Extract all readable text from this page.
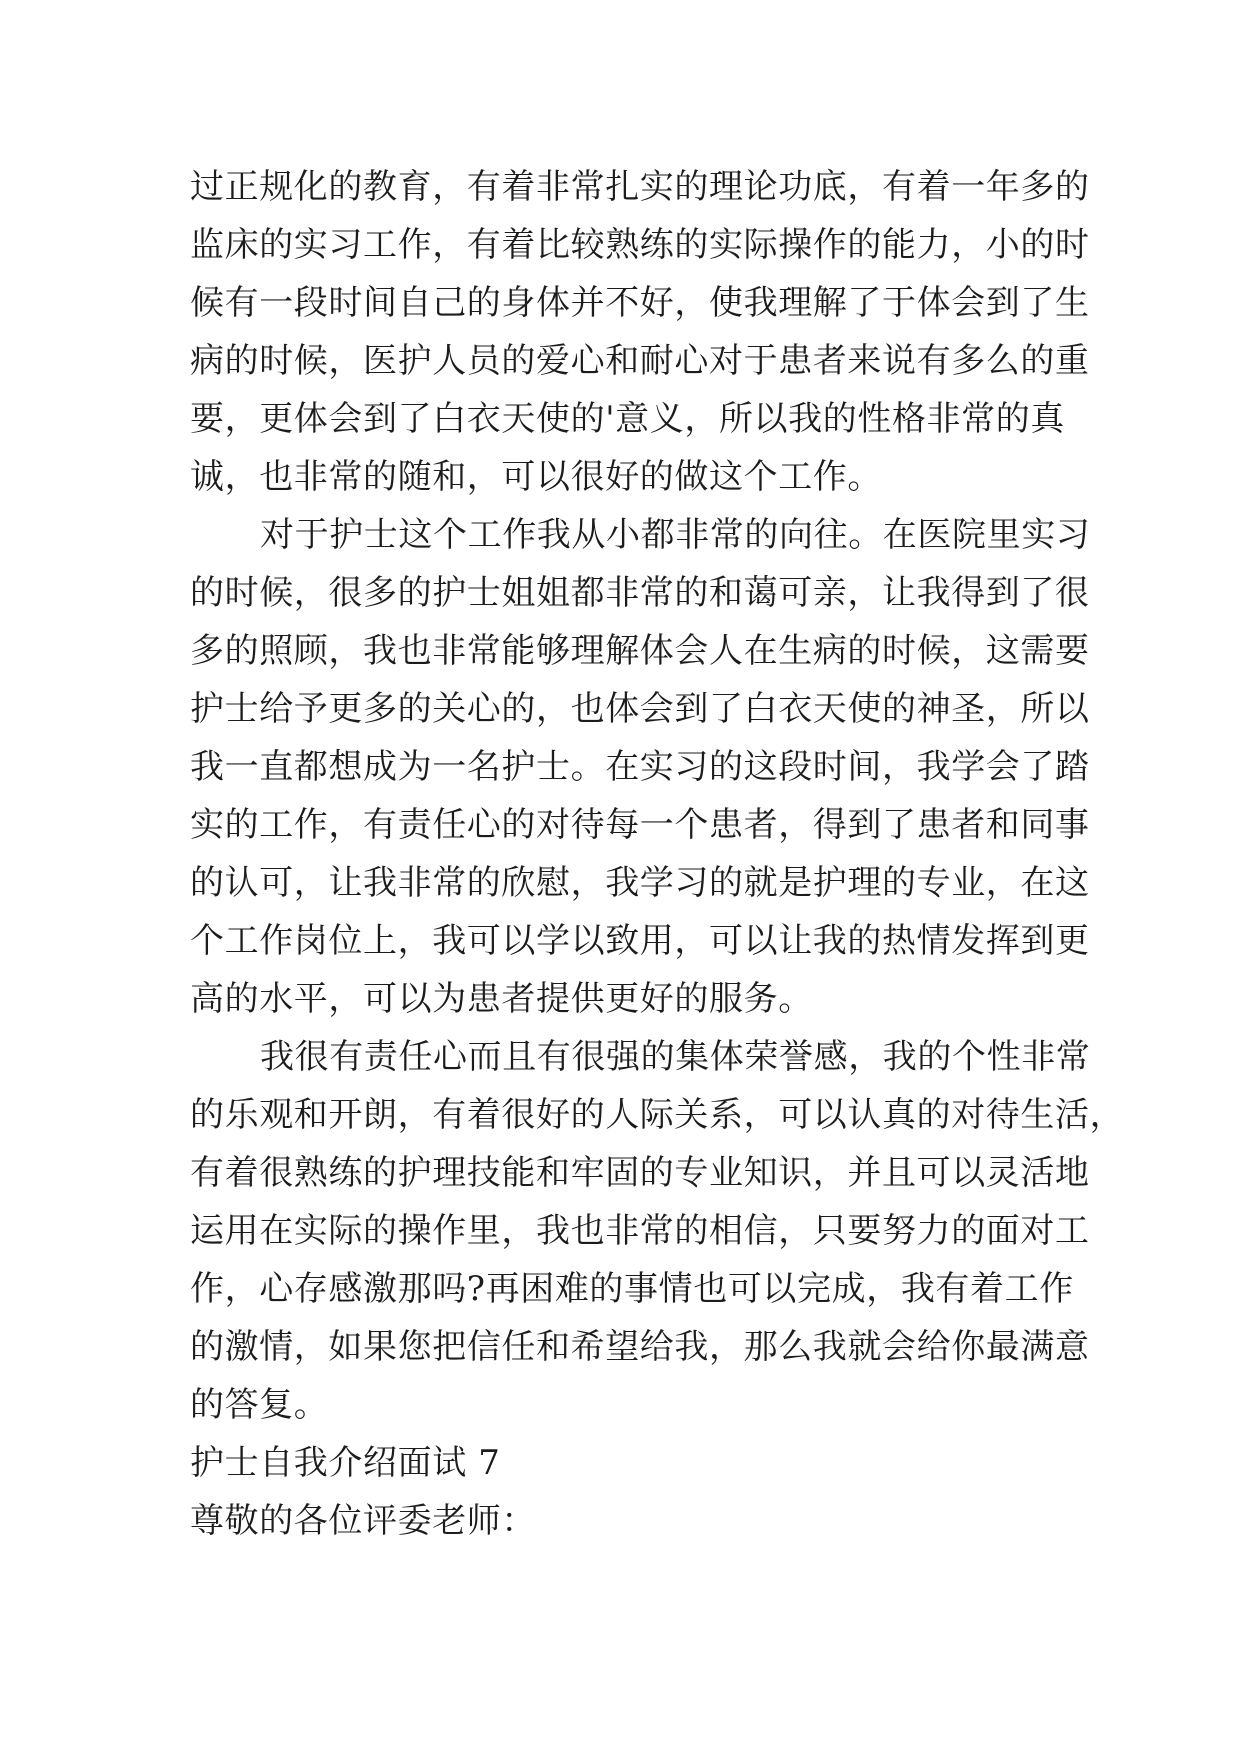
过正规化的教育，有着非常扎实的理论功底，有着一年多的
监床的实习工作，有着比较熟练的实际操作的能力，小的时
候有一段时间自己的身体并不好，使我理解了于体会到了生
病的时候，医护人员的爱心和耐心对于患者来说有多么的重
要，更体会到了白衣天使的'意义，所以我的性格非常的真
诚，也非常的随和，可以很好的做这个工作。
对于护士这个工作我从小都非常的向往。在医院里实习
的时候，很多的护士姐姐都非常的和蔼可亲，让我得到了很
多的照顾，我也非常能够理解体会人在生病的时候，这需要
护士给予更多的关心的，也体会到了白衣天使的神圣，所以
我一直都想成为一名护士。在实习的这段时间，我学会了踏
实的工作，有责任心的对待每一个患者，得到了患者和同事
的认可，让我非常的欣慰，我学习的就是护理的专业，在这
个工作岗位上，我可以学以致用，可以让我的热情发挥到更
高的水平，可以为患者提供更好的服务。
我很有责任心而且有很强的集体荣誉感，我的个性非常
的乐观和开朗，有着很好的人际关系，可以认真的对待生活，
有着很熟练的护理技能和牢固的专业知识，并且可以灵活地
运用在实际的操作里，我也非常的相信，只要努力的面对工
作，心存感激那吗?再困难的事情也可以完成，我有着工作
的激情，如果您把信任和希望给我，那么我就会给你最满意
的答复。
护士自我介绍面试 7
尊敬的各位评委老师：
